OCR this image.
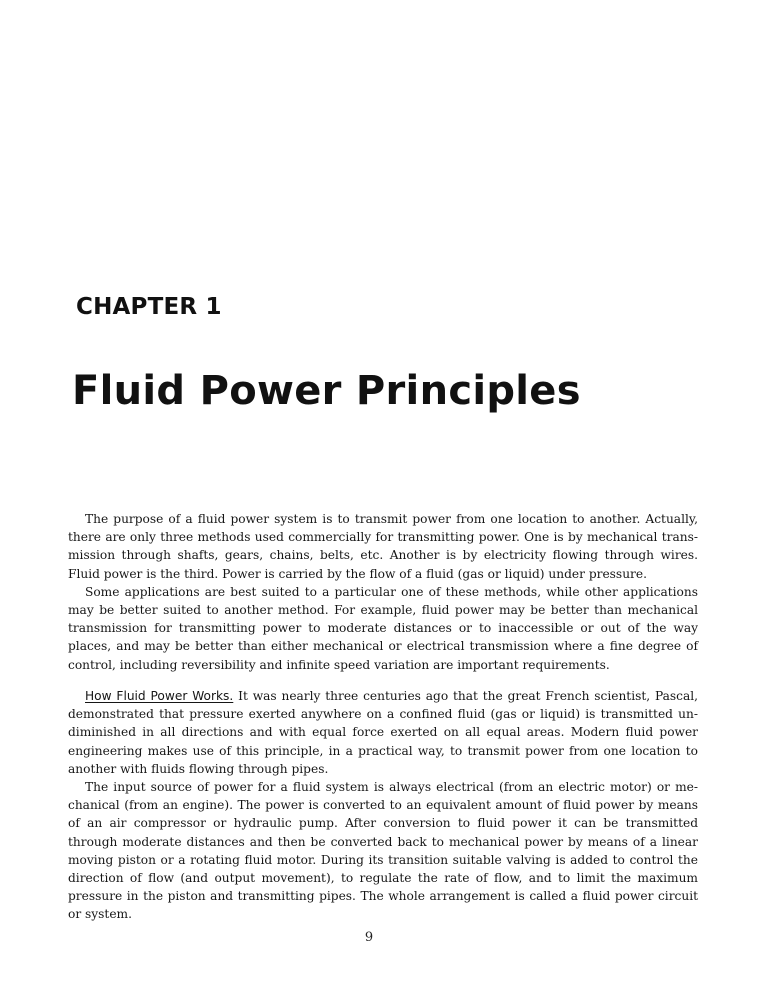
CHAPTER 1
Fluid Power Principles

The purpose of a fluid power system is to transmit power from one location to another. Actually, there are only three methods used commercially for transmitting power. One is by mechanical transmission through shafts, gears, chains, belts, etc. Another is by electricity flowing through wires. Fluid power is the third. Power is carried by the flow of a fluid (gas or liquid) under pressure.

Some applications are best suited to a particular one of these methods, while other applications may be better suited to another method. For example, fluid power may be better than mechanical transmission for transmitting power to moderate distances or to inaccessible or out of the way places, and may be better than either mechanical or electrical transmission where a fine degree of control, including reversibility and infinite speed variation are important requirements.

How Fluid Power Works. It was nearly three centuries ago that the great French scientist, Pascal, demonstrated that pressure exerted anywhere on a confined fluid (gas or liquid) is transmitted undiminished in all directions and with equal force exerted on all equal areas. Modern fluid power engineering makes use of this principle, in a practical way, to transmit power from one location to another with fluids flowing through pipes.

The input source of power for a fluid system is always electrical (from an electric motor) or mechanical (from an engine). The power is converted to an equivalent amount of fluid power by means of an air compressor or hydraulic pump. After conversion to fluid power it can be transmitted through moderate distances and then be converted back to mechanical power by means of a linear moving piston or a rotating fluid motor. During its transition suitable valving is added to control the direction of flow (and output movement), to regulate the rate of flow, and to limit the maximum pressure in the piston and transmitting pipes. The whole arrangement is called a fluid power circuit or system.

9
